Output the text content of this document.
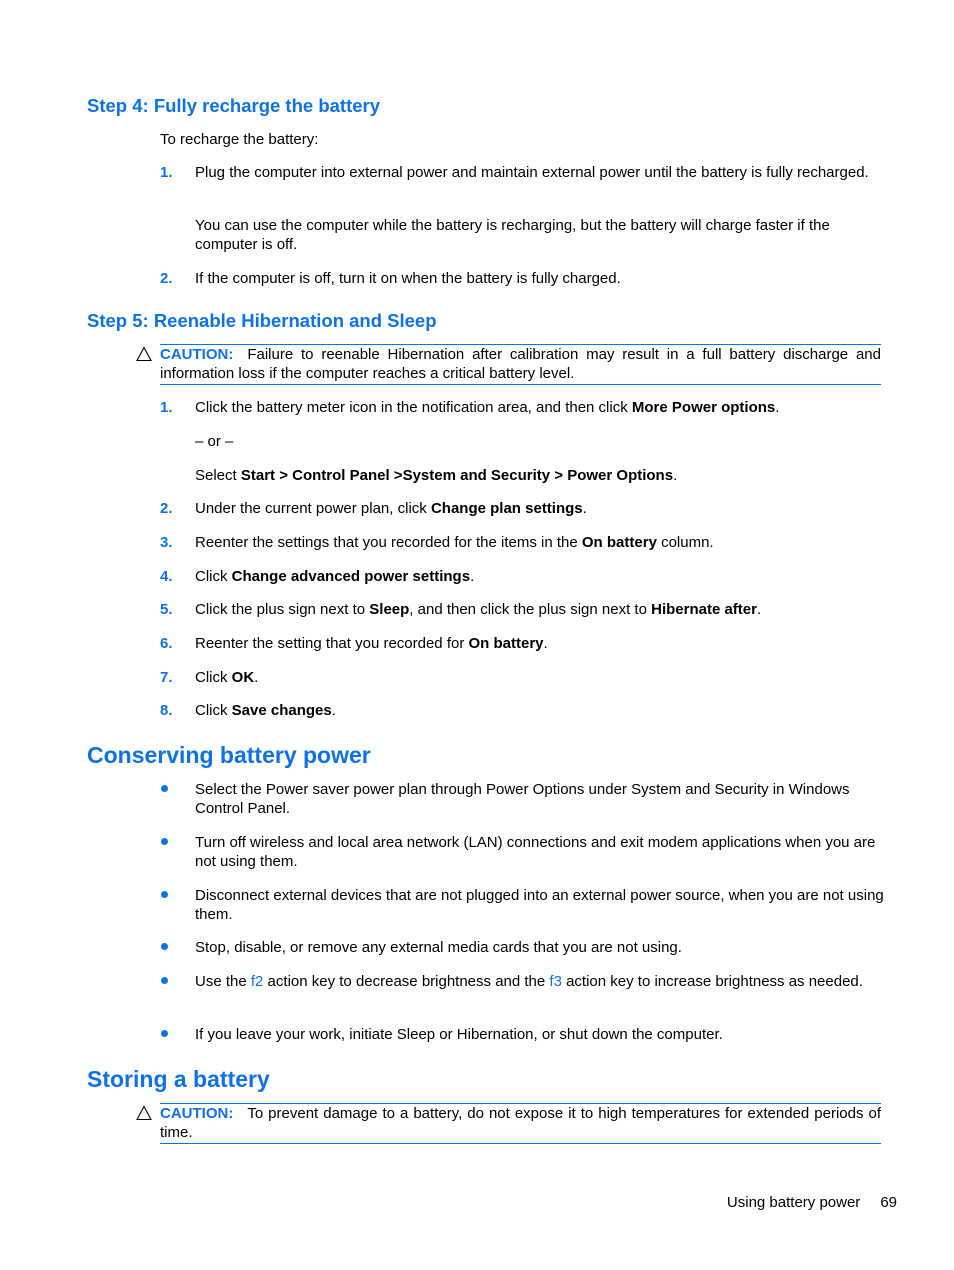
Step 4: Fully recharge the battery
To recharge the battery:
1. Plug the computer into external power and maintain external power until the battery is fully recharged.
You can use the computer while the battery is recharging, but the battery will charge faster if the computer is off.
2. If the computer is off, turn it on when the battery is fully charged.
Step 5: Reenable Hibernation and Sleep
CAUTION: Failure to reenable Hibernation after calibration may result in a full battery discharge and information loss if the computer reaches a critical battery level.
1. Click the battery meter icon in the notification area, and then click More Power options.
– or –
Select Start > Control Panel >System and Security > Power Options.
2. Under the current power plan, click Change plan settings.
3. Reenter the settings that you recorded for the items in the On battery column.
4. Click Change advanced power settings.
5. Click the plus sign next to Sleep, and then click the plus sign next to Hibernate after.
6. Reenter the setting that you recorded for On battery.
7. Click OK.
8. Click Save changes.
Conserving battery power
Select the Power saver power plan through Power Options under System and Security in Windows Control Panel.
Turn off wireless and local area network (LAN) connections and exit modem applications when you are not using them.
Disconnect external devices that are not plugged into an external power source, when you are not using them.
Stop, disable, or remove any external media cards that you are not using.
Use the f2 action key to decrease brightness and the f3 action key to increase brightness as needed.
If you leave your work, initiate Sleep or Hibernation, or shut down the computer.
Storing a battery
CAUTION: To prevent damage to a battery, do not expose it to high temperatures for extended periods of time.
Using battery power 69
